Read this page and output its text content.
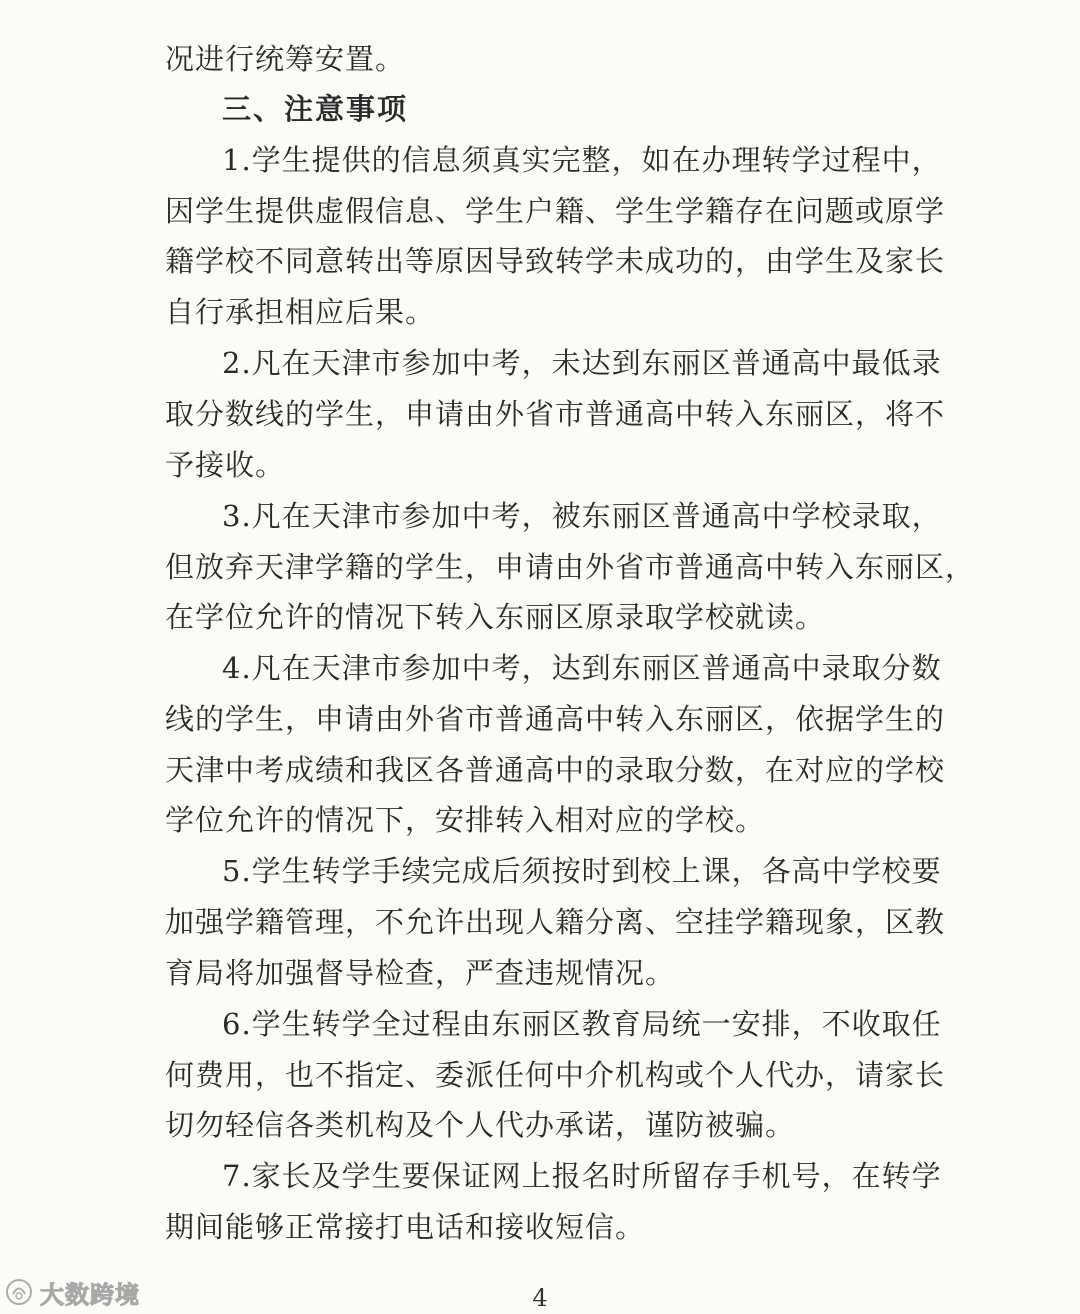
况进行统筹安置。
三、注意事项
1.学生提供的信息须真实完整，如在办理转学过程中，
因学生提供虚假信息、学生户籍、学生学籍存在问题或原学
籍学校不同意转出等原因导致转学未成功的，由学生及家长
自行承担相应后果。
2.凡在天津市参加中考，未达到东丽区普通高中最低录
取分数线的学生，申请由外省市普通高中转入东丽区，将不
予接收。
3.凡在天津市参加中考，被东丽区普通高中学校录取，
但放弃天津学籍的学生，申请由外省市普通高中转入东丽区，
在学位允许的情况下转入东丽区原录取学校就读。
4.凡在天津市参加中考，达到东丽区普通高中录取分数
线的学生，申请由外省市普通高中转入东丽区，依据学生的
天津中考成绩和我区各普通高中的录取分数，在对应的学校
学位允许的情况下，安排转入相对应的学校。
5.学生转学手续完成后须按时到校上课，各高中学校要
加强学籍管理，不允许出现人籍分离、空挂学籍现象，区教
育局将加强督导检查，严查违规情况。
6.学生转学全过程由东丽区教育局统一安排，不收取任
何费用，也不指定、委派任何中介机构或个人代办，请家长
切勿轻信各类机构及个人代办承诺，谨防被骗。
7.家长及学生要保证网上报名时所留存手机号，在转学
期间能够正常接打电话和接收短信。
4
大数跨境
